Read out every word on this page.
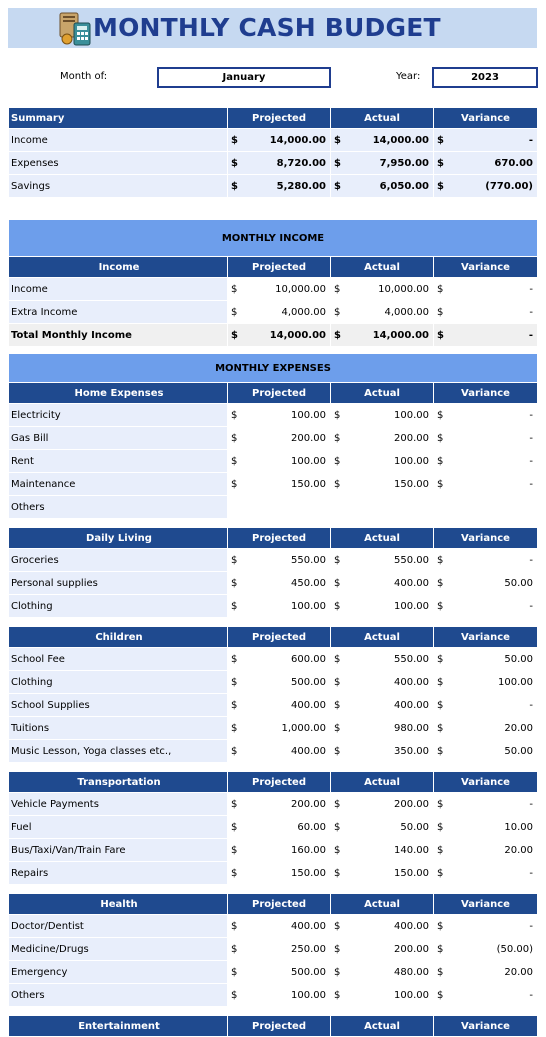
MONTHLY CASH BUDGET
Month of:	January	Year:	2023
Summary	Projected	Actual	Variance
Income	$ 14,000.00	$ 14,000.00	$ -

Expenses	$ 8,720.00	$ 7,950.00	$ 670.00

Savings	$ 5,280.00	$ 6,050.00	$ (770.00)
MONTHLY INCOME			
Income	Projected	Actual	Variance
Income	$ 10,000.00	$ 10,000.00	$ -

Extra Income	$ 4,000.00	$ 4,000.00	$ -

Total Monthly Income	$ 14,000.00	$ 14,000.00	$ -
MONTHLY EXPENSES			
Home Expenses	Projected	Actual	Variance
Electricity	$ 100.00	$ 100.00	$ -

Gas Bill	$ 200.00	$ 200.00	$ -

Rent	$ 100.00	$ 100.00	$ -

Maintenance	$ 150.00	$ 150.00	$ -

Others	

Daily Living	Projected	Actual	Variance
Groceries	$ 550.00	$ 550.00	$ -

Personal supplies	$ 450.00	$ 400.00	$ 50.00

Clothing	$ 100.00	$ 100.00	$ -

Children	Projected	Actual	Variance
School Fee	$ 600.00	$ 550.00	$ 50.00

Clothing	$ 500.00	$ 400.00	$ 100.00

School Supplies	$ 400.00	$ 400.00	$ -

Tuitions	$ 1,000.00	$ 980.00	$ 20.00

Music Lesson, Yoga classes etc.,	$ 400.00	$ 350.00	$ 50.00

Transportation	Projected	Actual	Variance
Vehicle Payments	$ 200.00	$ 200.00	$ -

Fuel	$ 60.00	$ 50.00	$ 10.00

Bus/Taxi/Van/Train Fare	$ 160.00	$ 140.00	$ 20.00

Repairs	$ 150.00	$ 150.00	$ -

Health	Projected	Actual	Variance
Doctor/Dentist	$ 400.00	$ 400.00	$ -

Medicine/Drugs	$ 250.00	$ 200.00	$ (50.00)

Emergency	$ 500.00	$ 480.00	$ 20.00

Others	$ 100.00	$ 100.00	$ -

Entertainment	Projected	Actual	Variance
